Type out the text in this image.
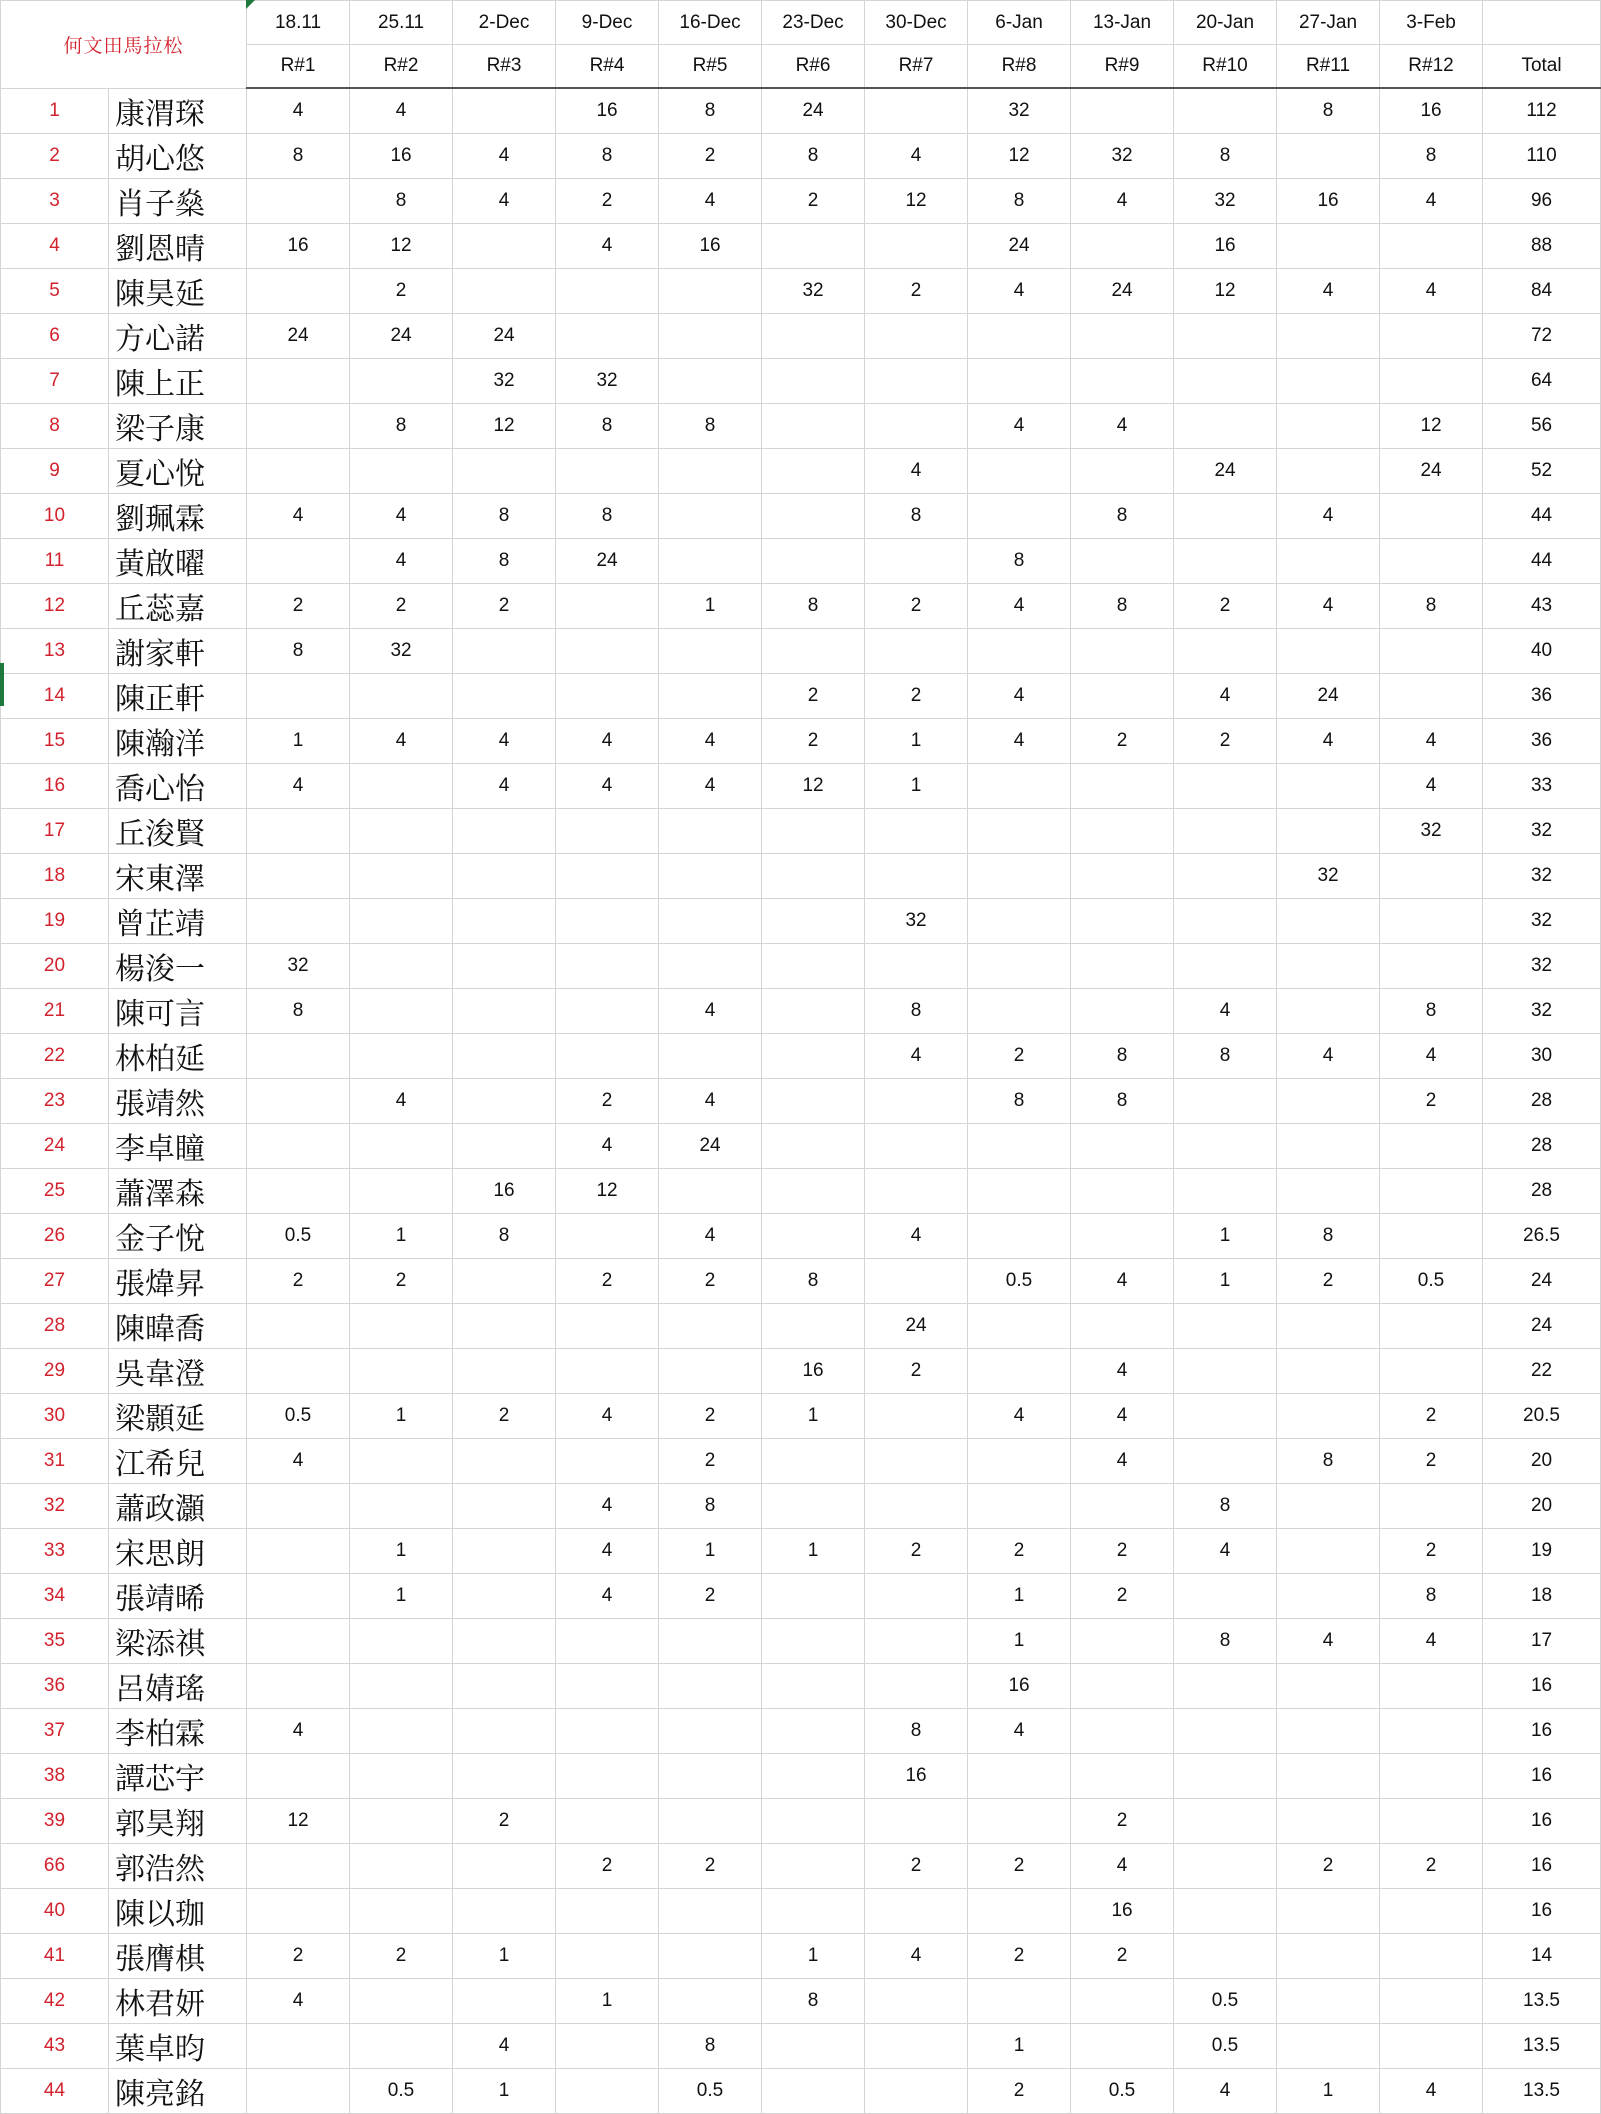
何文田馬拉松		18.11	25.11	2-Dec	9-Dec	16-Dec	23-Dec	30-Dec	6-Jan	13-Jan	20-Jan	27-Jan	3-Feb	
		R#1	R#2	R#3	R#4	R#5	R#6	R#7	R#8	R#9	R#10	R#11	R#12	Total
1	康渭琛	4	4		16	8	24		32			8	16	112
2	胡心悠	8	16	4	8	2	8	4	12	32	8		8	110
3	肖子燊		8	4	2	4	2	12	8	4	32	16	4	96
4	劉恩晴	16	12		4	16			24		16			88
5	陳昊延		2				32	2	4	24	12	4	4	84
6	方心諾	24	24	24										72
7	陳上正			32	32									64
8	梁子康		8	12	8	8			4	4			12	56
9	夏心悅							4			24		24	52
10	劉珮霖	4	4	8	8			8		8		4		44
11	黃啟曜		4	8	24				8					44
12	丘蕊嘉	2	2	2		1	8	2	4	8	2	4	8	43
13	謝家軒	8	32											40
14	陳正軒						2	2	4		4	24		36
15	陳瀚洋	1	4	4	4	4	2	1	4	2	2	4	4	36
16	喬心怡	4		4	4	4	12	1					4	33
17	丘浚賢												32	32
18	宋東澤											32		32
19	曾芷靖							32						32
20	楊浚一	32												32
21	陳可言	8				4		8			4		8	32
22	林柏延							4	2	8	8	4	4	30
23	張靖然		4		2	4			8	8			2	28
24	李卓瞳				4	24								28
25	蕭澤森			16	12									28
26	金子悅	0.5	1	8		4		4			1	8		26.5
27	張煒昇	2	2		2	2	8		0.5	4	1	2	0.5	24
28	陳暐喬							24						24
29	吳韋澄						16	2		4				22
30	梁顥延	0.5	1	2	4	2	1		4	4			2	20.5
31	江希兒	4				2				4		8	2	20
32	蕭政灝				4	8					8			20
33	宋思朗		1		4	1	1	2	2	2	4		2	19
34	張靖晞		1		4	2			1	2			8	18
35	梁添祺								1		8	4	4	17
36	呂婧瑤								16					16
37	李柏霖	4						8	4					16
38	譚芯宇							16						16
39	郭昊翔	12		2						2				16
66	郭浩然				2	2		2	2	4		2	2	16
40	陳以珈									16				16
41	張膺棋	2	2	1			1	4	2	2				14
42	林君妍	4			1		8				0.5			13.5
43	葉卓昀			4		8			1		0.5			13.5
44	陳亮銘		0.5	1		0.5			2	0.5	4	1	4	13.5
